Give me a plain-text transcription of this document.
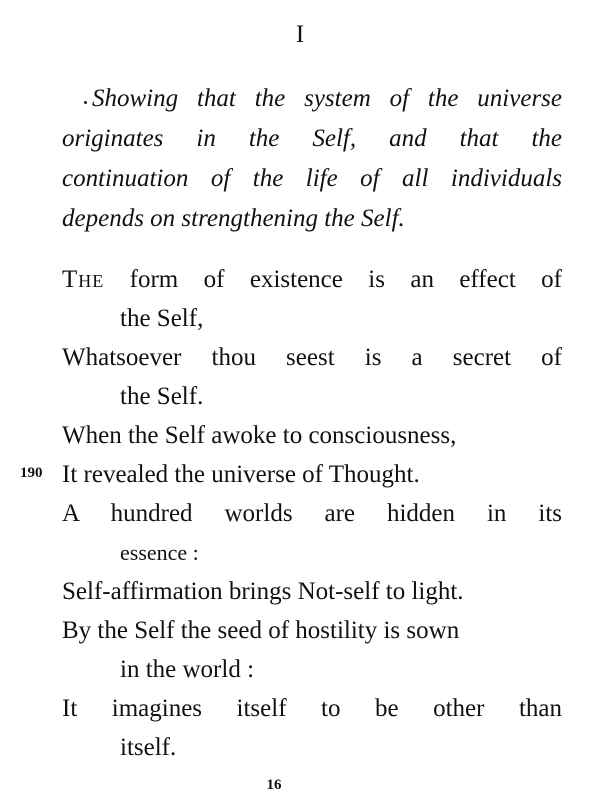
I
Showing that the system of the universe
originates in the Self, and that the
continuation of the life of all individuals
depends on strengthening the Self.
The form of existence is an effect of
the Self,
Whatsoever thou seest is a secret of
the Self.
When the Self awoke to consciousness,
It revealed the universe of Thought.
A hundred worlds are hidden in its
essence :
Self-affirmation brings Not-self to light.
By the Self the seed of hostility is sown
in the world :
It imagines itself to be other than
itself.
190
16
